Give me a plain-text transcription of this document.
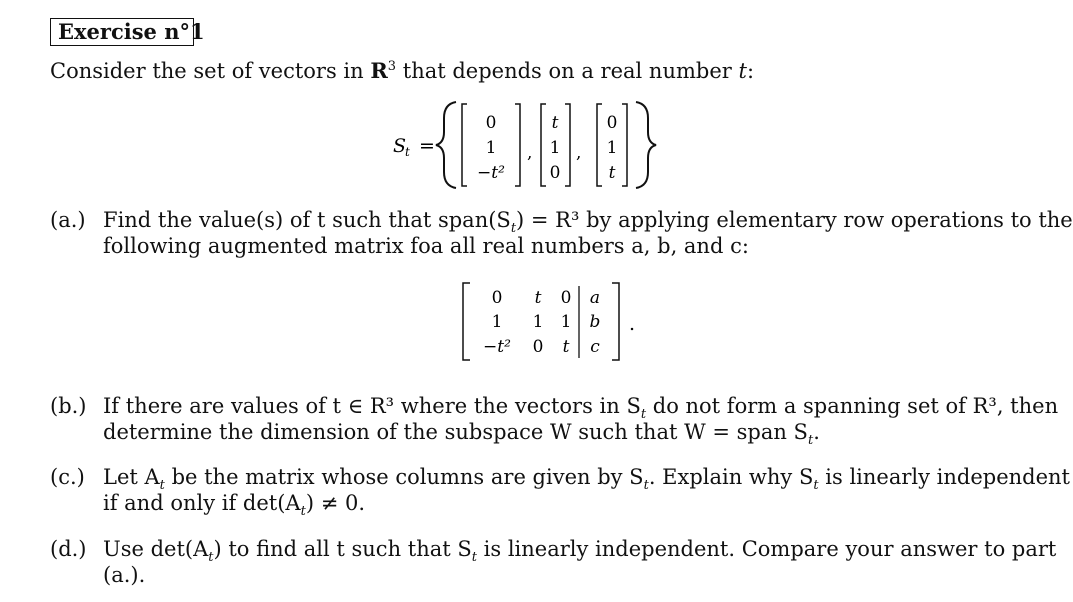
Exercise n°1
Consider the set of vectors in $R^3$ that depends on a real number t:
S
t =
0
1
−t²
,
t
1
0
,
0
1
t
0 t 0 a
1 1 1 b
−t² 0 t c
.
(a.) Find the value(s) of t such that $span(S_t) = R^3$ by applying elementary row operations to the
following augmented matrix foa all real numbers a, b, and c:
(b.) If there are values of t ∈ R³ where the vectors in $S_t$ do not form a spanning set of R³, then
determine the dimension of the subspace W such that W = span $S_t$.
(c.) Let $A_t$ be the matrix whose columns are given by $S_t$. Explain why $S_t$ is linearly independent
if and only if $\det(A_t) \ne 0$.
(d.) Use $\det(A_t)$ to find all t such that $S_t$ is linearly independent. Compare your answer to part
(a.).
